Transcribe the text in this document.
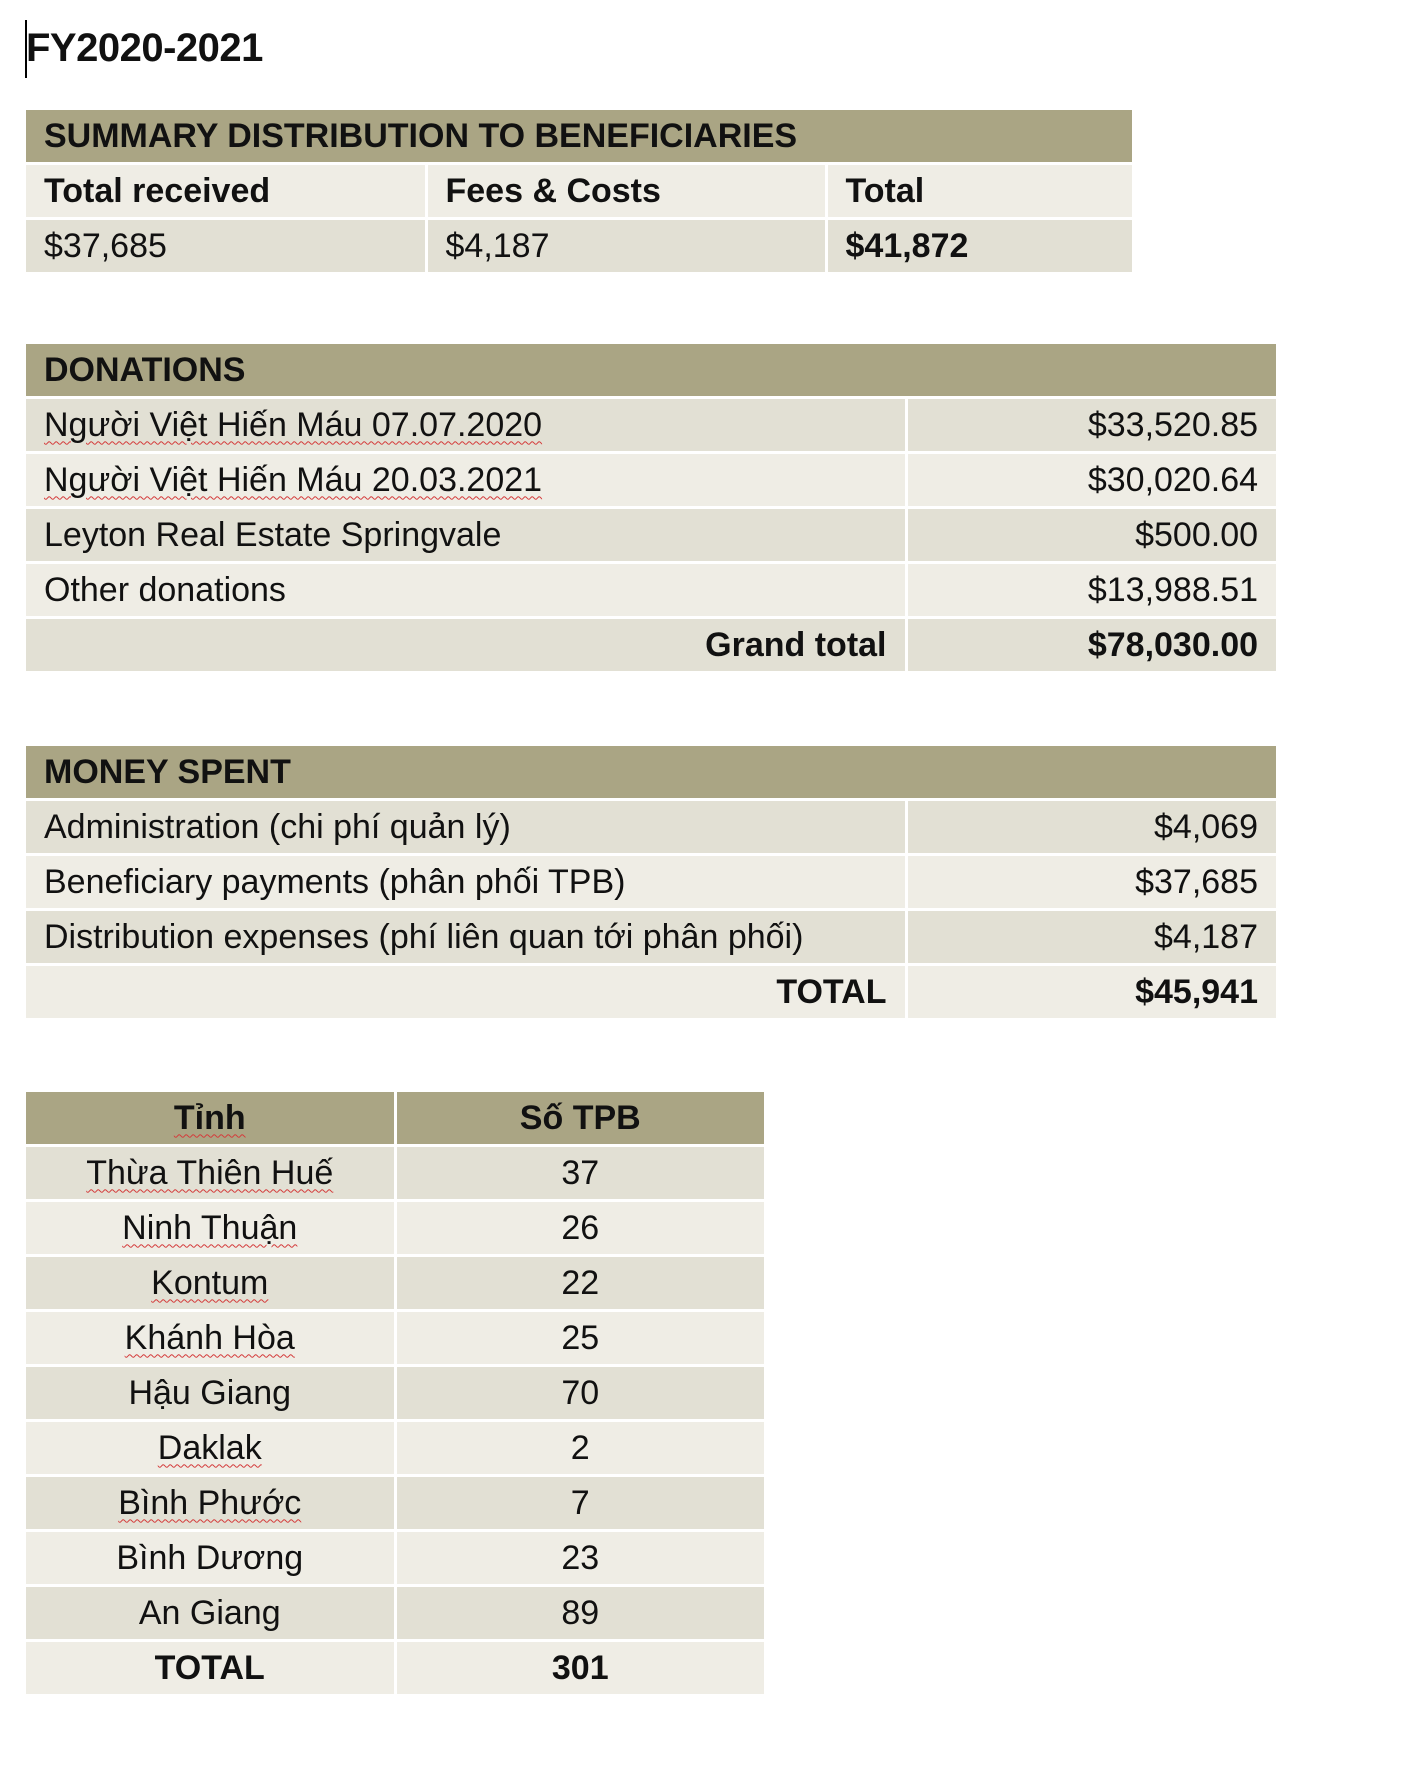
FY2020-2021
SUMMARY DISTRIBUTION TO BENEFICIARIES		
Total received	Fees & Costs	Total
$37,685	$4,187	$41,872
DONATIONS	
Người Việt Hiến Máu 07.07.2020	$33,520.85
Người Việt Hiến Máu 20.03.2021	$30,020.64
Leyton Real Estate Springvale	$500.00
Other donations	$13,988.51
Grand total	$78,030.00
MONEY SPENT	
Administration (chi phí quản lý)	$4,069
Beneficiary payments (phân phối TPB)	$37,685
Distribution expenses (phí liên quan tới phân phối)	$4,187
TOTAL	$45,941
Tỉnh	Số TPB
Thừa Thiên Huế	37
Ninh Thuận	26
Kontum	22
Khánh Hòa	25
Hậu Giang	70
Daklak	2
Bình Phước	7
Bình Dương	23
An Giang	89
TOTAL	301
